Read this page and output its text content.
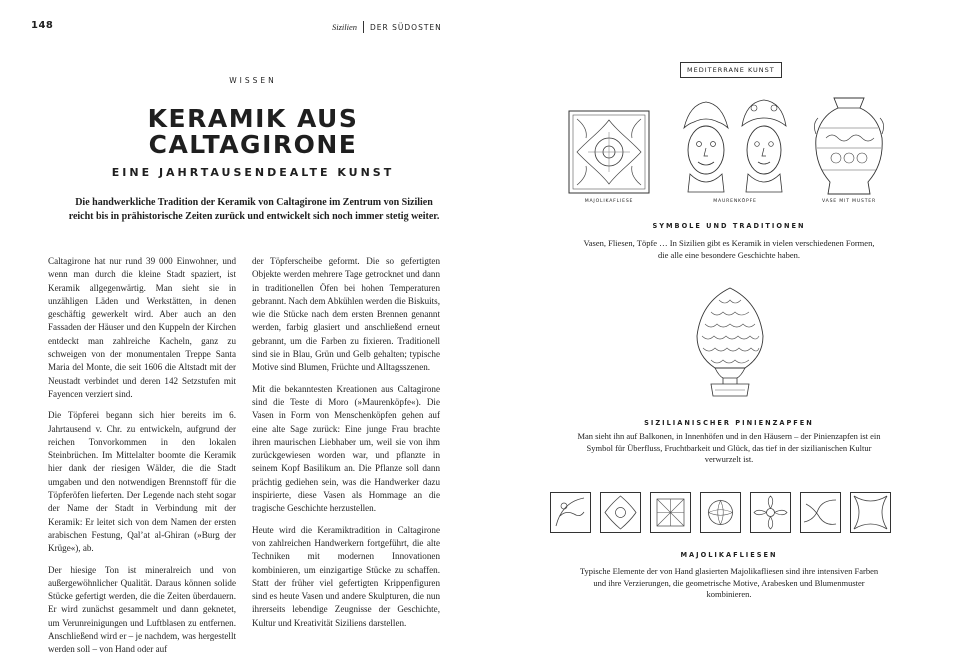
148	Sizilien DER SÜDOSTEN
WISSEN
KERAMIK AUS
CALTAGIRONE
EINE JAHRTAUSENDEALTE KUNST
Die handwerkliche Tradition der Keramik von Caltagirone im Zentrum von Sizilien reicht bis in prähistorische Zeiten zurück und entwickelt sich noch immer stetig weiter.

Caltagirone hat nur rund 39 000 Einwohner, und wenn man durch die kleine Stadt spaziert, ist Keramik allgegenwärtig. Man sieht sie in unzähligen Läden und Werkstätten, in denen geschäftig gewerkelt wird. Aber auch an den Fassaden der Häuser und den Kuppeln der Kirchen entdeckt man zahlreiche Kacheln, ganz zu schweigen von der monumentalen Treppe Santa Maria del Monte, die seit 1606 die Altstadt mit der Neustadt verbindet und deren 142 Setzstufen mit Fayencen verziert sind.

Die Töpferei begann sich hier bereits im 6. Jahrtausend v. Chr. zu entwickeln, aufgrund der reichen Tonvorkommen in den lokalen Steinbrüchen. Im Mittelalter boomte die Keramik hier dank der riesigen Wälder, die die Stadt umgaben und den notwendigen Brennstoff für die Töpferöfen lieferten. Der Legende nach steht sogar der Name der Stadt in Verbindung mit der Keramik: Er leitet sich von dem Namen der ersten arabischen Festung, Qal’at al-Ghiran (»Burg der Krüge«), ab.

Der hiesige Ton ist mineralreich und von außergewöhnlicher Qualität. Daraus können solide Stücke gefertigt werden, die die Zeiten überdauern. Er wird zunächst gesammelt und dann geknetet, um Verunreinigungen und Luftblasen zu entfernen. Anschließend wird er – je nachdem, was hergestellt werden soll – von Hand oder auf

der Töpferscheibe geformt. Die so gefertigten Objekte werden mehrere Tage getrocknet und dann in traditionellen Öfen bei hohen Temperaturen gebrannt. Nach dem Abkühlen werden die Biskuits, wie die Stücke nach dem ersten Brennen genannt werden, farbig glasiert und anschließend erneut gebrannt, um die Farben zu fixieren. Traditionell sind sie in Blau, Grün und Gelb gehalten; typische Motive sind Blumen, Früchte und Alltagsszenen.

Mit die bekanntesten Kreationen aus Caltagirone sind die Teste di Moro (»Maurenköpfe«). Die Vasen in Form von Menschenköpfen gehen auf eine alte Sage zurück: Eine junge Frau brachte ihren maurischen Liebhaber um, weil sie von ihm zurückgewiesen worden war, und pflanzte in seinem Kopf Basilikum an. Die Pflanze soll dann prächtig gediehen sein, was die Handwerker dazu inspirierte, diese Vasen als Hommage an die tragische Geschichte herzustellen.

Heute wird die Keramiktradition in Caltagirone von zahlreichen Handwerkern fortgeführt, die alte Techniken mit modernen Innovationen kombinieren, um einzigartige Stücke zu schaffen. Statt der früher viel gefertigten Krippenfiguren sind es heute Vasen und andere Skulpturen, die nun ihrerseits lebendige Zeugnisse der Geschichte, Kultur und Kreativität Siziliens darstellen.

MEDITERRANE KUNST
MAJOLIKAFLIESE	MAURENKÖPFE	VASE MIT MUSTER
SYMBOLE UND TRADITIONEN
Vasen, Fliesen, Töpfe … In Sizilien gibt es Keramik in vielen verschiedenen Formen, die alle eine besondere Geschichte haben.
SIZILIANISCHER PINIENZAPFEN
Man sieht ihn auf Balkonen, in Innenhöfen und in den Häusern – der Pinienzapfen ist ein Symbol für Überfluss, Fruchtbarkeit und Glück, das tief in der sizilianischen Kultur verwurzelt ist.
MAJOLIKAFLIESEN
Typische Elemente der von Hand glasierten Majolikafliesen sind ihre intensiven Farben und ihre Verzierungen, die geometrische Motive, Arabesken und Blumenmuster kombinieren.
